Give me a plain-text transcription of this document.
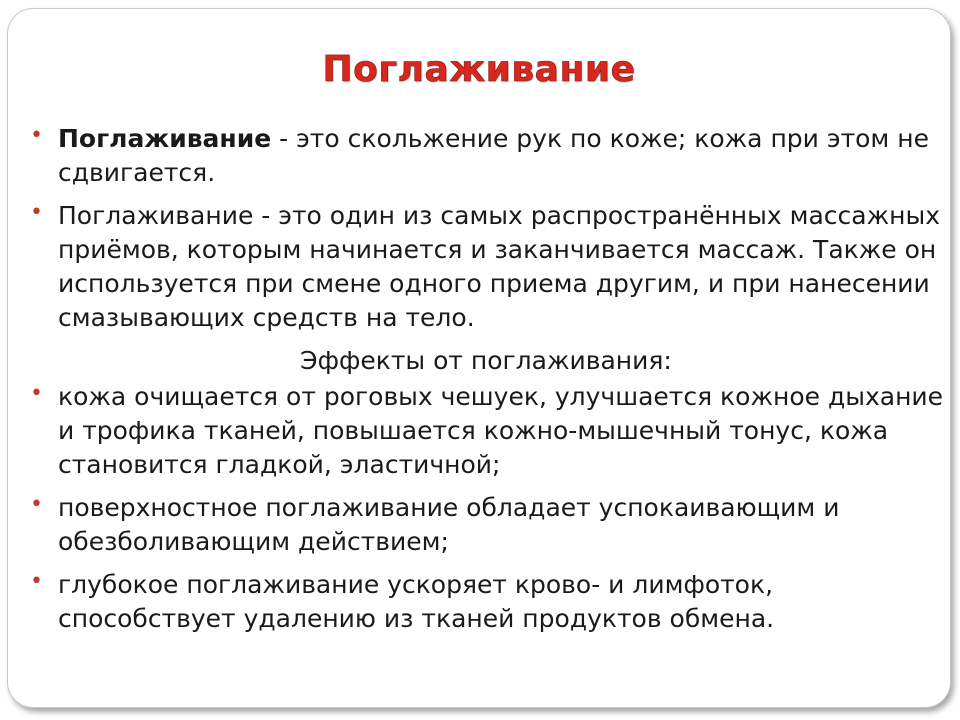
Поглаживание
• Поглаживание - это скольжение рук по коже; кожа при этом не сдвигается.
• Поглаживание - это один из самых распространённых массажных приёмов, которым начинается и заканчивается массаж. Также он используется при смене одного приема другим, и при нанесении смазывающих средств на тело.
Эффекты от поглаживания:
• кожа очищается от роговых чешуек, улучшается кожное дыхание и трофика тканей, повышается кожно-мышечный тонус, кожа становится гладкой, эластичной;
• поверхностное поглаживание обладает успокаивающим и обезболивающим действием;
• глубокое поглаживание ускоряет крово- и лимфоток, способствует удалению из тканей продуктов обмена.
